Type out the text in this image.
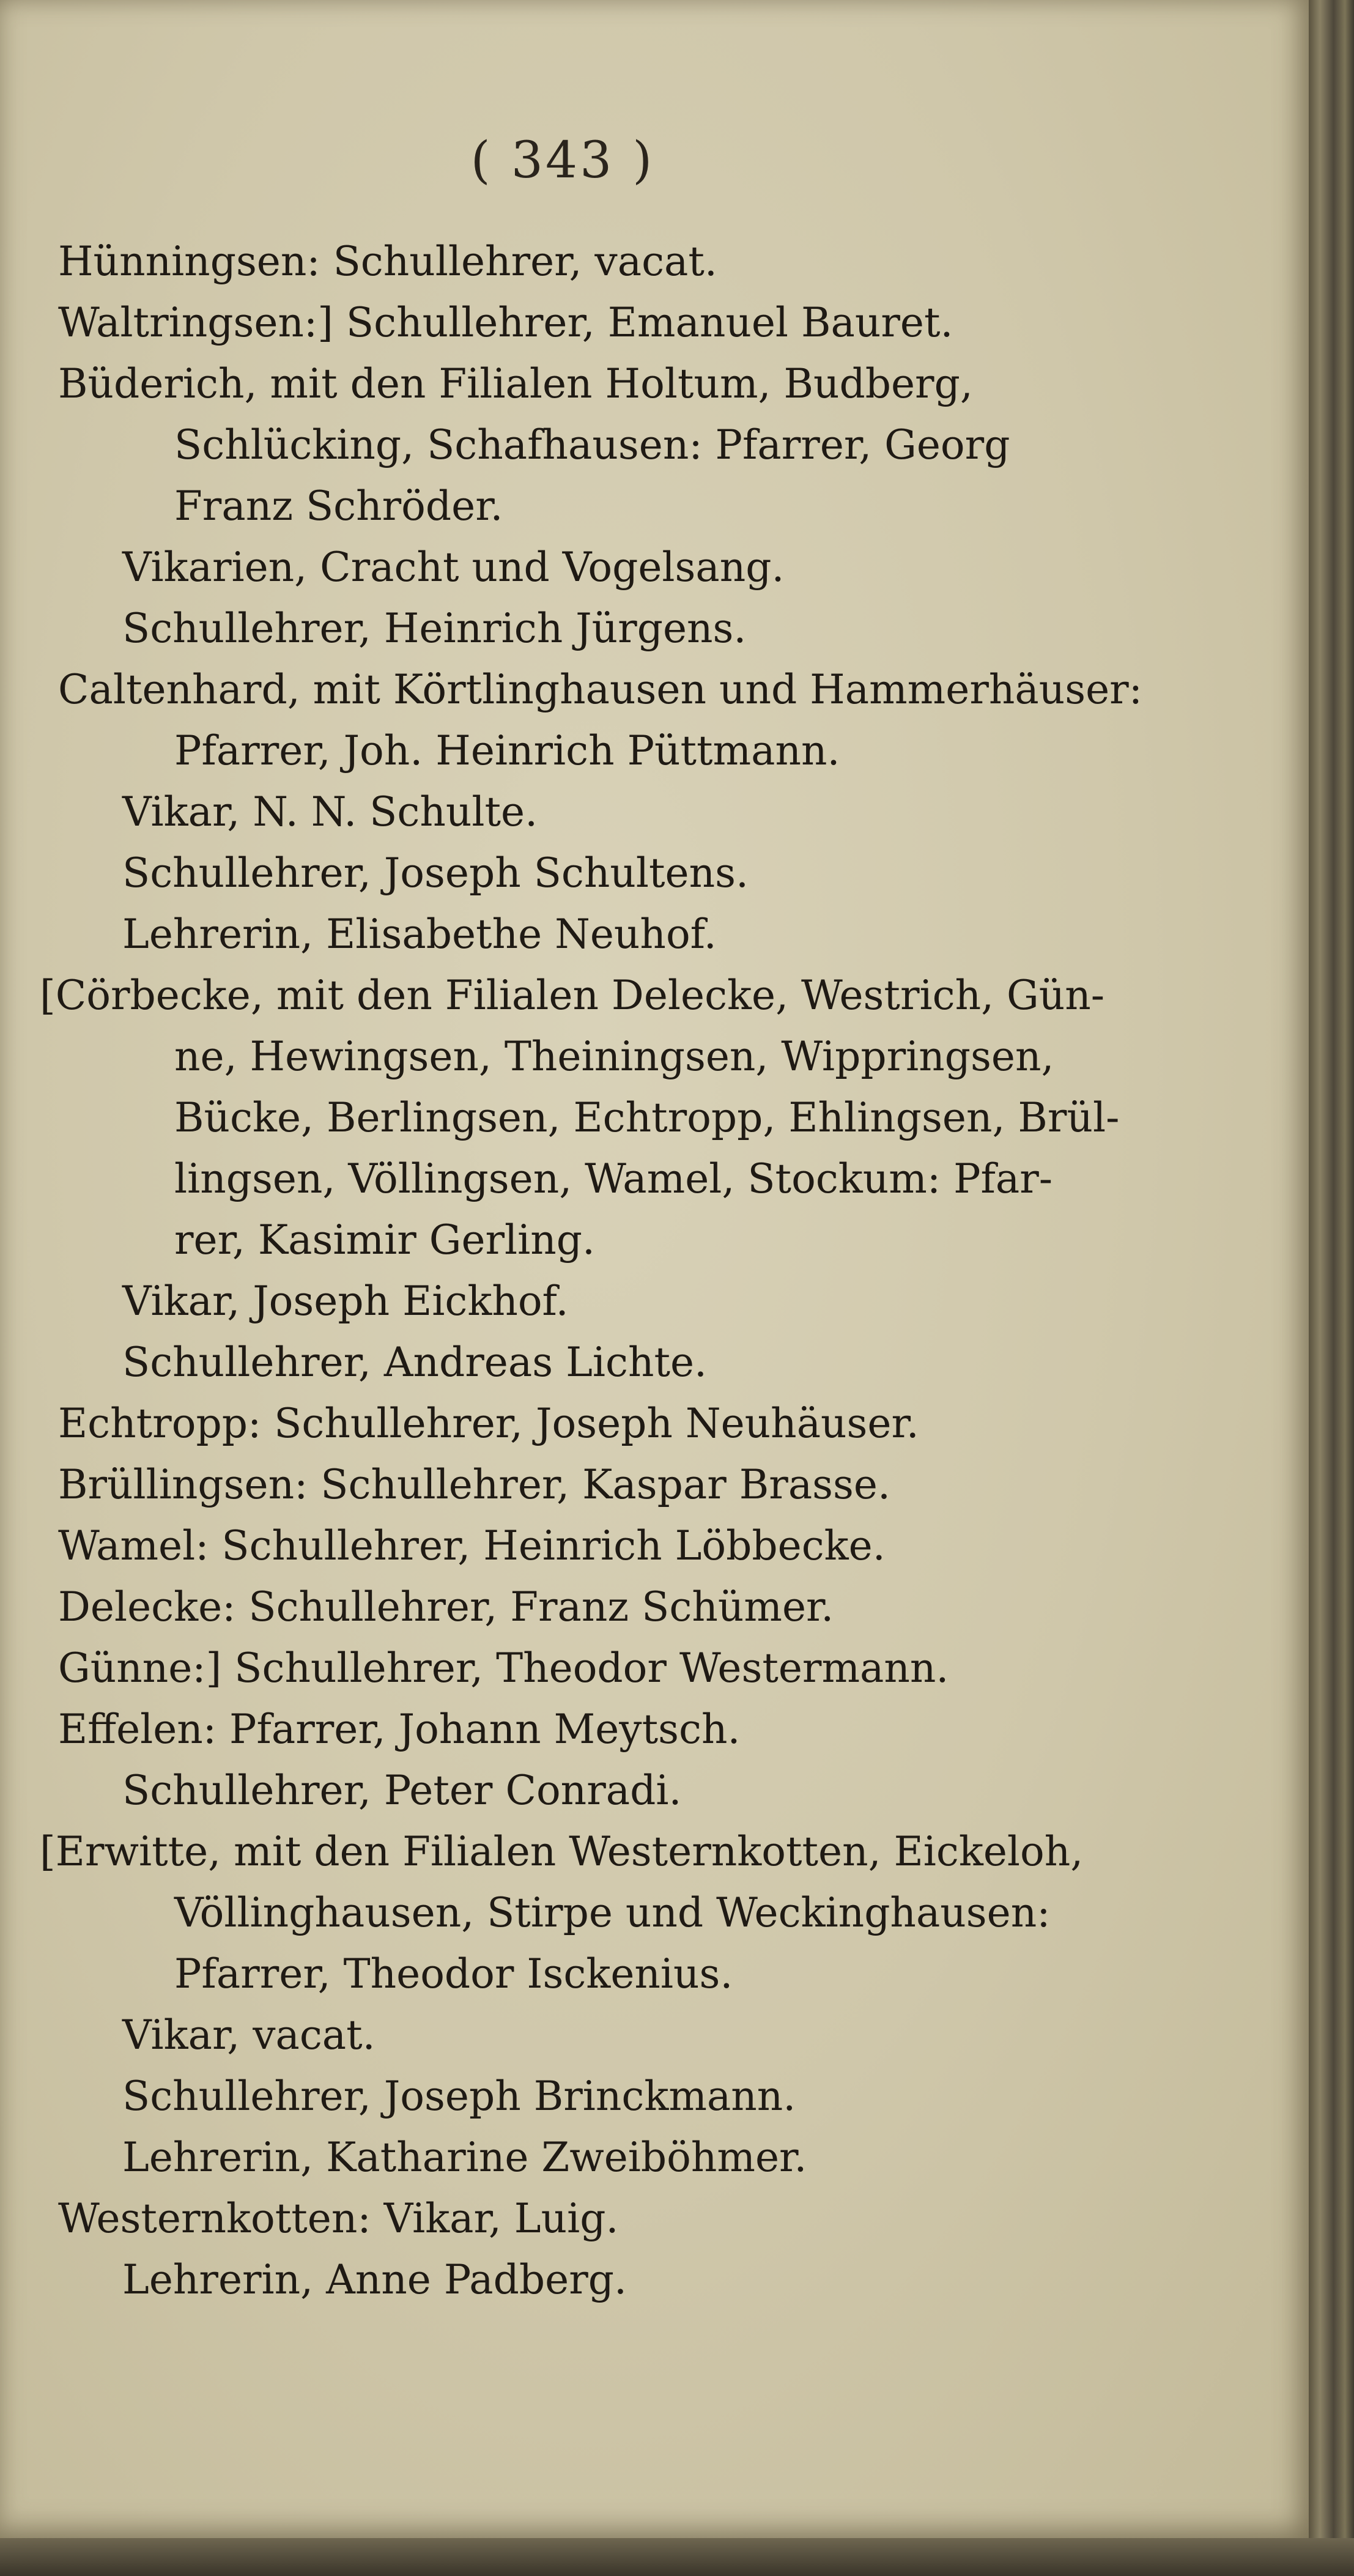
( 343 )
Hünningsen: Schullehrer, vacat.
Waltringsen:] Schullehrer, Emanuel Bauret.
Büderich, mit den Filialen Holtum, Budberg,
Schlücking, Schafhausen: Pfarrer, Georg
Franz Schröder.
Vikarien, Cracht und Vogelsang.
Schullehrer, Heinrich Jürgens.
Caltenhard, mit Körtlinghausen und Hammerhäuser:
Pfarrer, Joh. Heinrich Püttmann.
Vikar, N. N. Schulte.
Schullehrer, Joseph Schultens.
Lehrerin, Elisabethe Neuhof.
[Cörbecke, mit den Filialen Delecke, Westrich, Gün-
ne, Hewingsen, Theiningsen, Wippringsen,
Bücke, Berlingsen, Echtropp, Ehlingsen, Brül-
lingsen, Völlingsen, Wamel, Stockum: Pfar-
rer, Kasimir Gerling.
Vikar, Joseph Eickhof.
Schullehrer, Andreas Lichte.
Echtropp: Schullehrer, Joseph Neuhäuser.
Brüllingsen: Schullehrer, Kaspar Brasse.
Wamel: Schullehrer, Heinrich Löbbecke.
Delecke: Schullehrer, Franz Schümer.
Günne:] Schullehrer, Theodor Westermann.
Effelen: Pfarrer, Johann Meytsch.
Schullehrer, Peter Conradi.
[Erwitte, mit den Filialen Westernkotten, Eickeloh,
Völlinghausen, Stirpe und Weckinghausen:
Pfarrer, Theodor Isckenius.
Vikar, vacat.
Schullehrer, Joseph Brinckmann.
Lehrerin, Katharine Zweiböhmer.
Westernkotten: Vikar, Luig.
Lehrerin, Anne Padberg.
